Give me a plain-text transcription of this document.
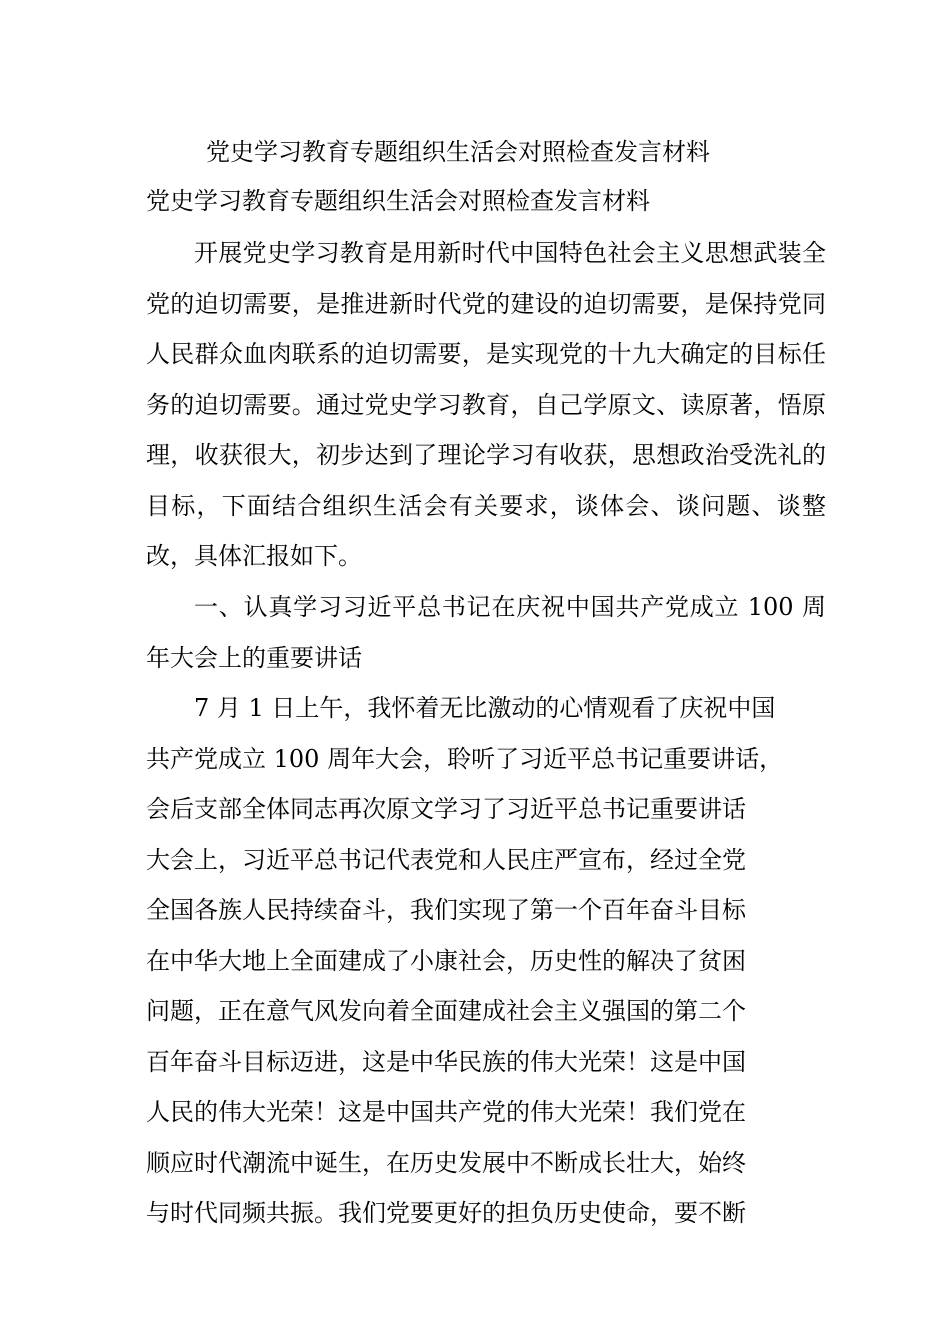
党史学习教育专题组织生活会对照检查发言材料
党史学习教育专题组织生活会对照检查发言材料

开展党史学习教育是用新时代中国特色社会主义思想武装全党的迫切需要，是推进新时代党的建设的迫切需要，是保持党同人民群众血肉联系的迫切需要，是实现党的十九大确定的目标任务的迫切需要。通过党史学习教育，自己学原文、读原著，悟原理，收获很大，初步达到了理论学习有收获，思想政治受洗礼的目标，下面结合组织生活会有关要求，谈体会、谈问题、谈整改，具体汇报如下。

一、认真学习习近平总书记在庆祝中国共产党成立 100 周年大会上的重要讲话

7 月 1 日上午，我怀着无比激动的心情观看了庆祝中国
共产党成立 100 周年大会，聆听了习近平总书记重要讲话，
会后支部全体同志再次原文学习了习近平总书记重要讲话
大会上，习近平总书记代表党和人民庄严宣布，经过全党
全国各族人民持续奋斗，我们实现了第一个百年奋斗目标
在中华大地上全面建成了小康社会，历史性的解决了贫困
问题，正在意气风发向着全面建成社会主义强国的第二个
百年奋斗目标迈进，这是中华民族的伟大光荣！这是中国
人民的伟大光荣！这是中国共产党的伟大光荣！我们党在
顺应时代潮流中诞生，在历史发展中不断成长壮大，始终
与时代同频共振。我们党要更好的担负历史使命，要不断
